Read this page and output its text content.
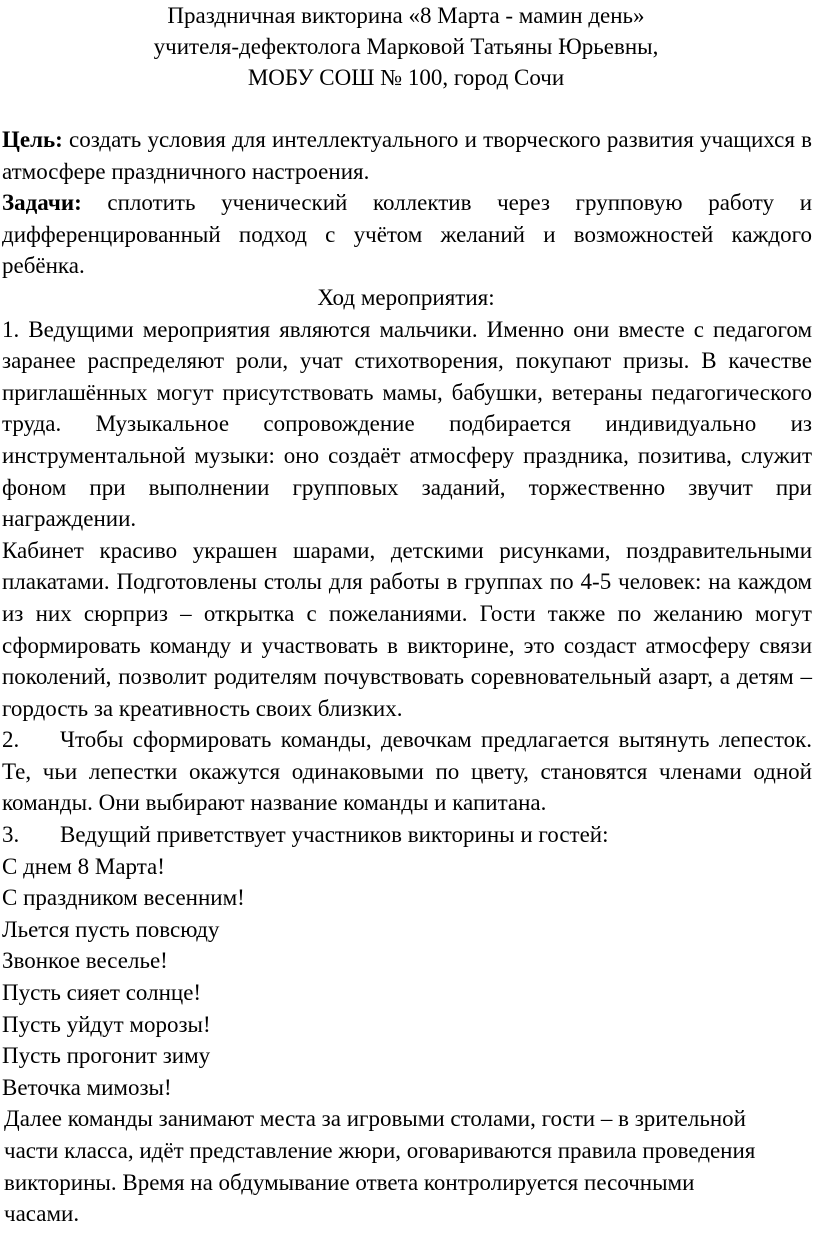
Праздничная викторина «8 Марта - мамин день»
учителя-дефектолога Марковой Татьяны Юрьевны,
МОБУ СОШ № 100, город Сочи

Цель: создать условия для интеллектуального и творческого развития учащихся в атмосфере праздничного настроения.

Задачи: сплотить ученический коллектив через групповую работу и дифференцированный подход с учётом желаний и возможностей каждого ребёнка.

Ход мероприятия:

1. Ведущими мероприятия являются мальчики. Именно они вместе с педагогом заранее распределяют роли, учат стихотворения, покупают призы. В качестве приглашённых могут присутствовать мамы, бабушки, ветераны педагогического труда. Музыкальное сопровождение подбирается индивидуально из инструментальной музыки: оно создаёт атмосферу праздника, позитива, служит фоном при выполнении групповых заданий, торжественно звучит при награждении.

Кабинет красиво украшен шарами, детскими рисунками, поздравительными плакатами. Подготовлены столы для работы в группах по 4-5 человек: на каждом из них сюрприз – открытка с пожеланиями. Гости также по желанию могут сформировать команду и участвовать в викторине, это создаст атмосферу связи поколений, позволит родителям почувствовать соревновательный азарт, а детям – гордость за креативность своих близких.

2. Чтобы сформировать команды, девочкам предлагается вытянуть лепесток. Те, чьи лепестки окажутся одинаковыми по цвету, становятся членами одной команды. Они выбирают название команды и капитана.

3. Ведущий приветствует участников викторины и гостей:

С днем 8 Марта!
С праздником весенним!
Льется пусть повсюду
Звонкое веселье!
Пусть сияет солнце!
Пусть уйдут морозы!
Пусть прогонит зиму
Веточка мимозы!
Далее команды занимают места за игровыми столами, гости – в зрительной
части класса, идёт представление жюри, оговариваются правила проведения
викторины. Время на обдумывание ответа контролируется песочными
часами.
